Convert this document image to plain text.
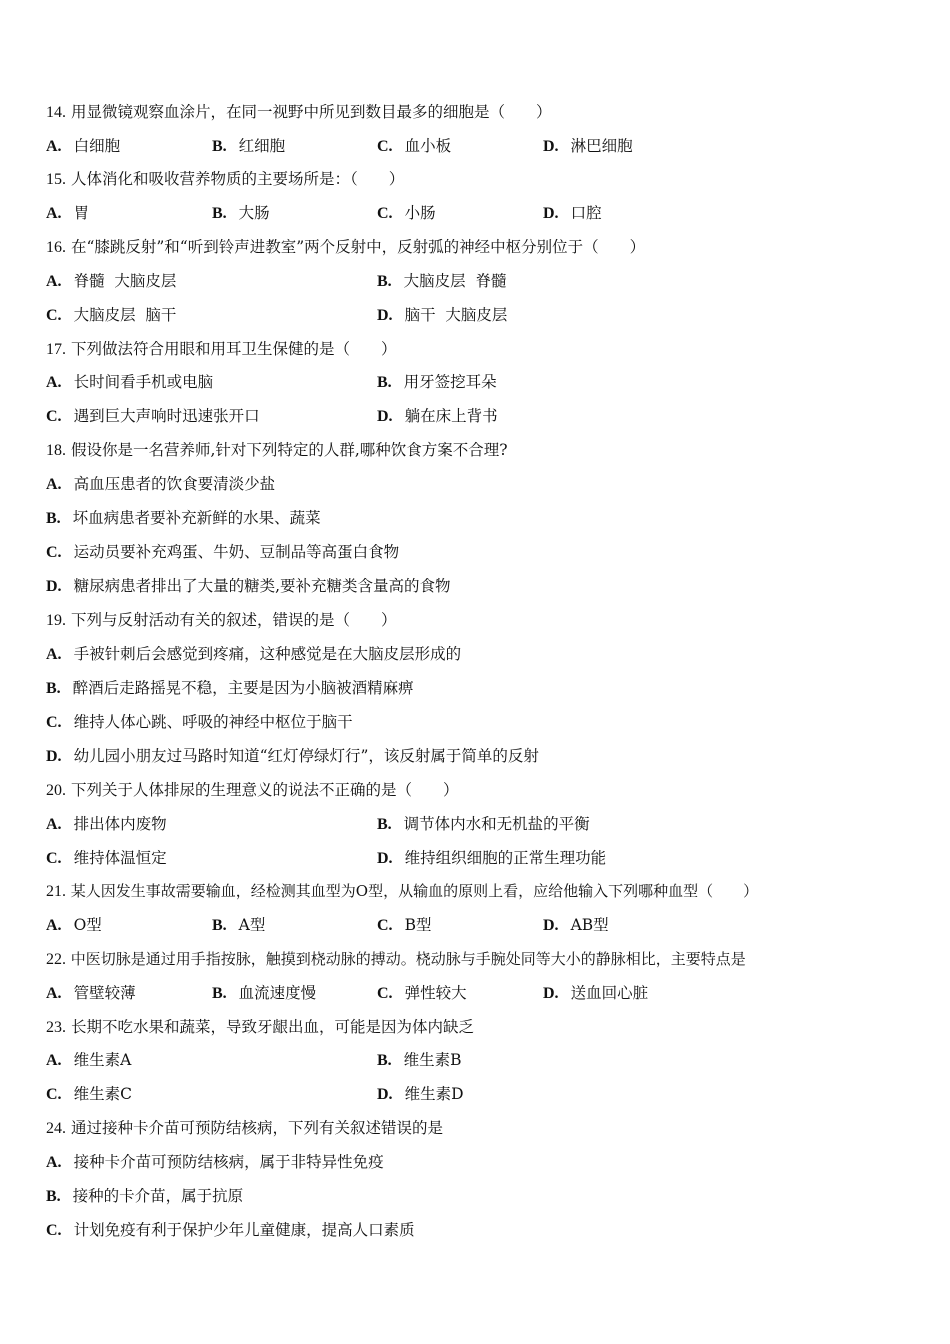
14. 用显微镜观察血涂片，在同一视野中所见到数目最多的细胞是（　　）
A. 白细胞	B. 红细胞	C. 血小板	D. 淋巴细胞
15. 人体消化和吸收营养物质的主要场所是：（　　）
A. 胃	B. 大肠	C. 小肠	D. 口腔
16. 在“膝跳反射”和“听到铃声进教室”两个反射中，反射弧的神经中枢分别位于（　　）
A. 脊髓  大脑皮层	B. 大脑皮层  脊髓
C. 大脑皮层  脑干	D. 脑干  大脑皮层
17. 下列做法符合用眼和用耳卫生保健的是（　　）
A. 长时间看手机或电脑	B. 用牙签挖耳朵
C. 遇到巨大声响时迅速张开口	D. 躺在床上背书
18. 假设你是一名营养师,针对下列特定的人群,哪种饮食方案不合理?
A. 高血压患者的饮食要清淡少盐
B. 坏血病患者要补充新鲜的水果、蔬菜
C. 运动员要补充鸡蛋、牛奶、豆制品等高蛋白食物
D. 糖尿病患者排出了大量的糖类,要补充糖类含量高的食物
19. 下列与反射活动有关的叙述，错误的是（　　）
A. 手被针刺后会感觉到疼痛，这种感觉是在大脑皮层形成的
B. 醉酒后走路摇晃不稳，主要是因为小脑被酒精麻痹
C. 维持人体心跳、呼吸的神经中枢位于脑干
D. 幼儿园小朋友过马路时知道“红灯停绿灯行”，该反射属于简单的反射
20. 下列关于人体排尿的生理意义的说法不正确的是（　　）
A. 排出体内废物	B. 调节体内水和无机盐的平衡
C. 维持体温恒定	D. 维持组织细胞的正常生理功能
21. 某人因发生事故需要输血，经检测其血型为O型，从输血的原则上看，应给他输入下列哪种血型（　　）
A. O型	B. A型	C. B型	D. AB型
22. 中医切脉是通过用手指按脉，触摸到桡动脉的搏动。桡动脉与手腕处同等大小的静脉相比，主要特点是
A. 管壁较薄	B. 血流速度慢	C. 弹性较大	D. 送血回心脏
23. 长期不吃水果和蔬菜，导致牙龈出血，可能是因为体内缺乏
A. 维生素A	B. 维生素B
C. 维生素C	D. 维生素D
24. 通过接种卡介苗可预防结核病，下列有关叙述错误的是
A. 接种卡介苗可预防结核病，属于非特异性免疫
B. 接种的卡介苗，属于抗原
C. 计划免疫有利于保护少年儿童健康，提高人口素质
